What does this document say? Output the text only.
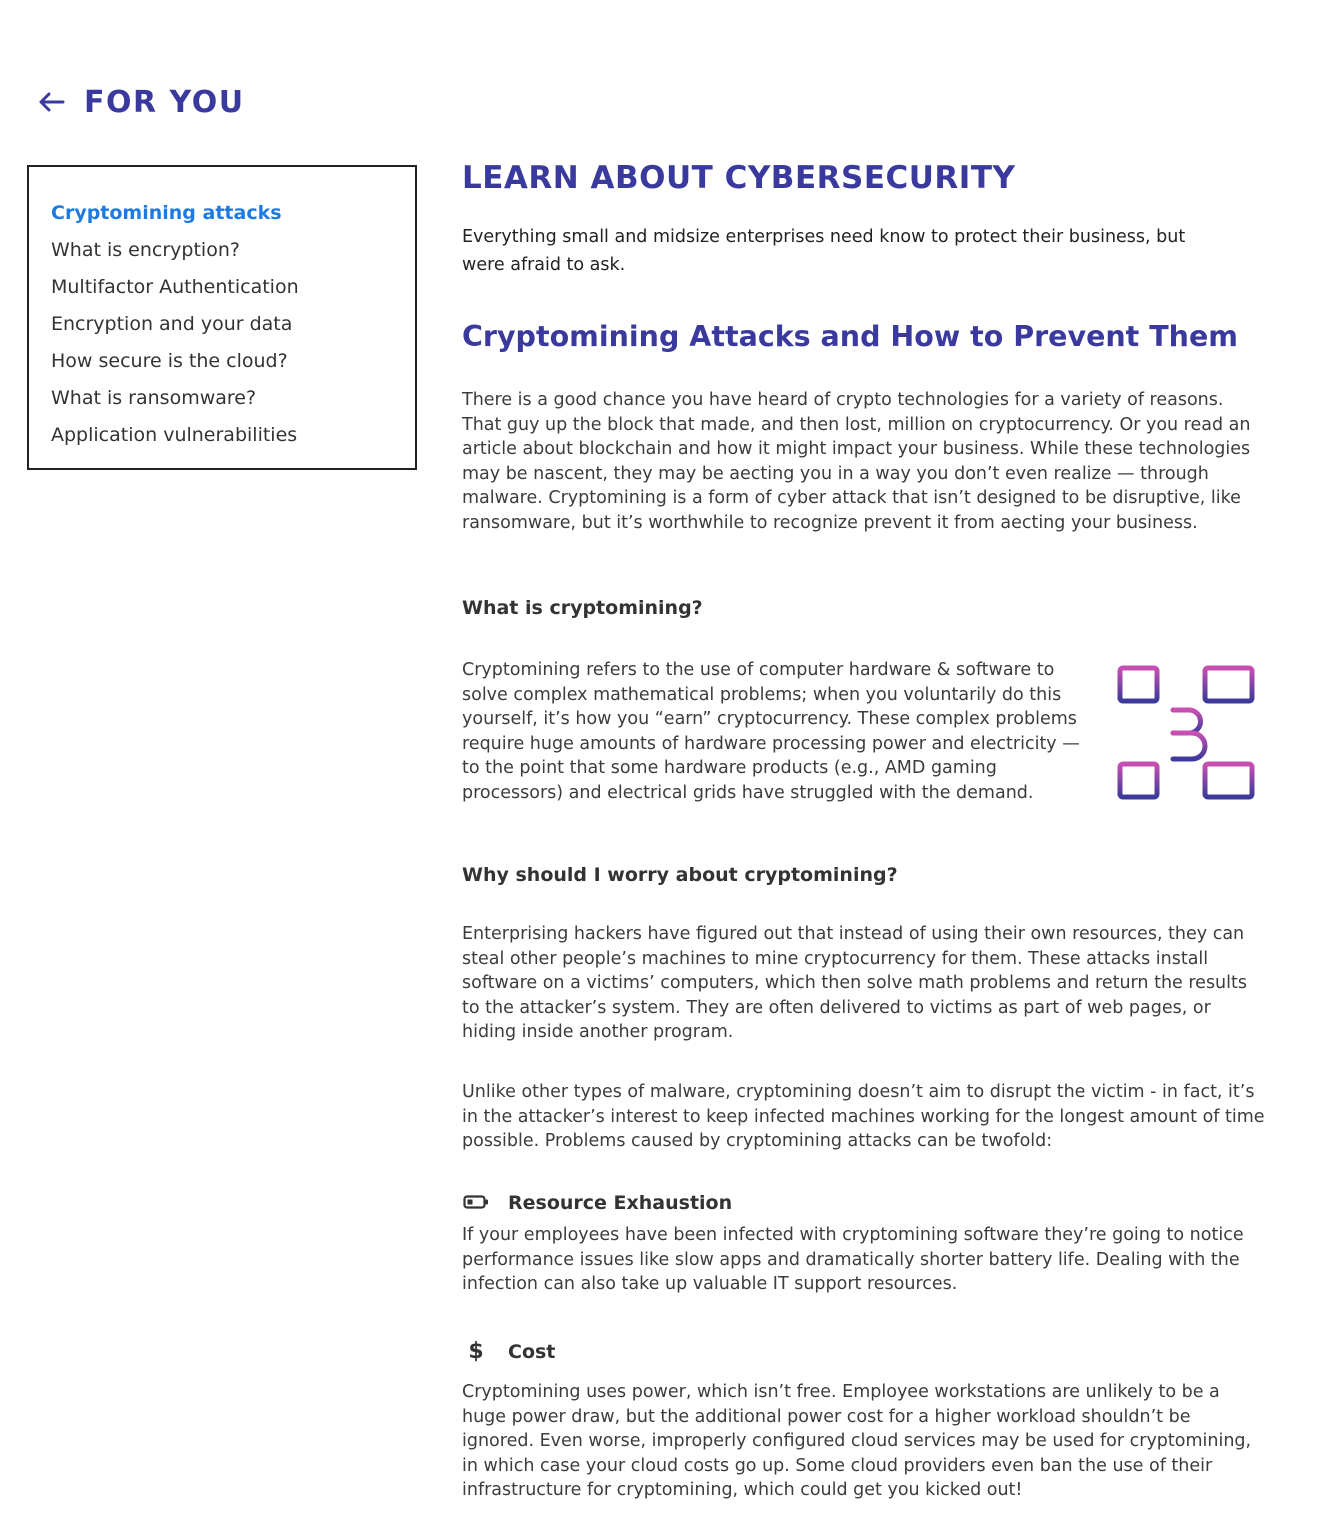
FOR YOU
Cryptomining attacks
What is encryption?
Multifactor Authentication
Encryption and your data
How secure is the cloud?
What is ransomware?
Application vulnerabilities
LEARN ABOUT CYBERSECURITY

Everything small and midsize enterprises need know to protect their business, but were afraid to ask.

Cryptomining Attacks and How to Prevent Them

There is a good chance you have heard of crypto technologies for a variety of reasons. That guy up the block that made, and then lost, million on cryptocurrency. Or you read an article about blockchain and how it might impact your business. While these technologies may be nascent, they may be aecting you in a way you don’t even realize — through malware. Cryptomining is a form of cyber attack that isn’t designed to be disruptive, like ransomware, but it’s worthwhile to recognize prevent it from aecting your business.

What is cryptomining?

Cryptomining refers to the use of computer hardware & software to solve complex mathematical problems; when you voluntarily do this yourself, it’s how you “earn” cryptocurrency. These complex problems require huge amounts of hardware processing power and electricity — to the point that some hardware products (e.g., AMD gaming processors) and electrical grids have struggled with the demand.

Why should I worry about cryptomining?

Enterprising hackers have figured out that instead of using their own resources, they can steal other people’s machines to mine cryptocurrency for them. These attacks install software on a victims’ computers, which then solve math problems and return the results to the attacker’s system. They are often delivered to victims as part of web pages, or hiding inside another program.

Unlike other types of malware, cryptomining doesn’t aim to disrupt the victim - in fact, it’s in the attacker’s interest to keep infected machines working for the longest amount of time possible. Problems caused by cryptomining attacks can be twofold:

Resource Exhaustion

If your employees have been infected with cryptomining software they’re going to notice performance issues like slow apps and dramatically shorter battery life. Dealing with the infection can also take up valuable IT support resources.

$	Cost

Cryptomining uses power, which isn’t free. Employee workstations are unlikely to be a huge power draw, but the additional power cost for a higher workload shouldn’t be ignored. Even worse, improperly configured cloud services may be used for cryptomining, in which case your cloud costs go up. Some cloud providers even ban the use of their infrastructure for cryptomining, which could get you kicked out!
